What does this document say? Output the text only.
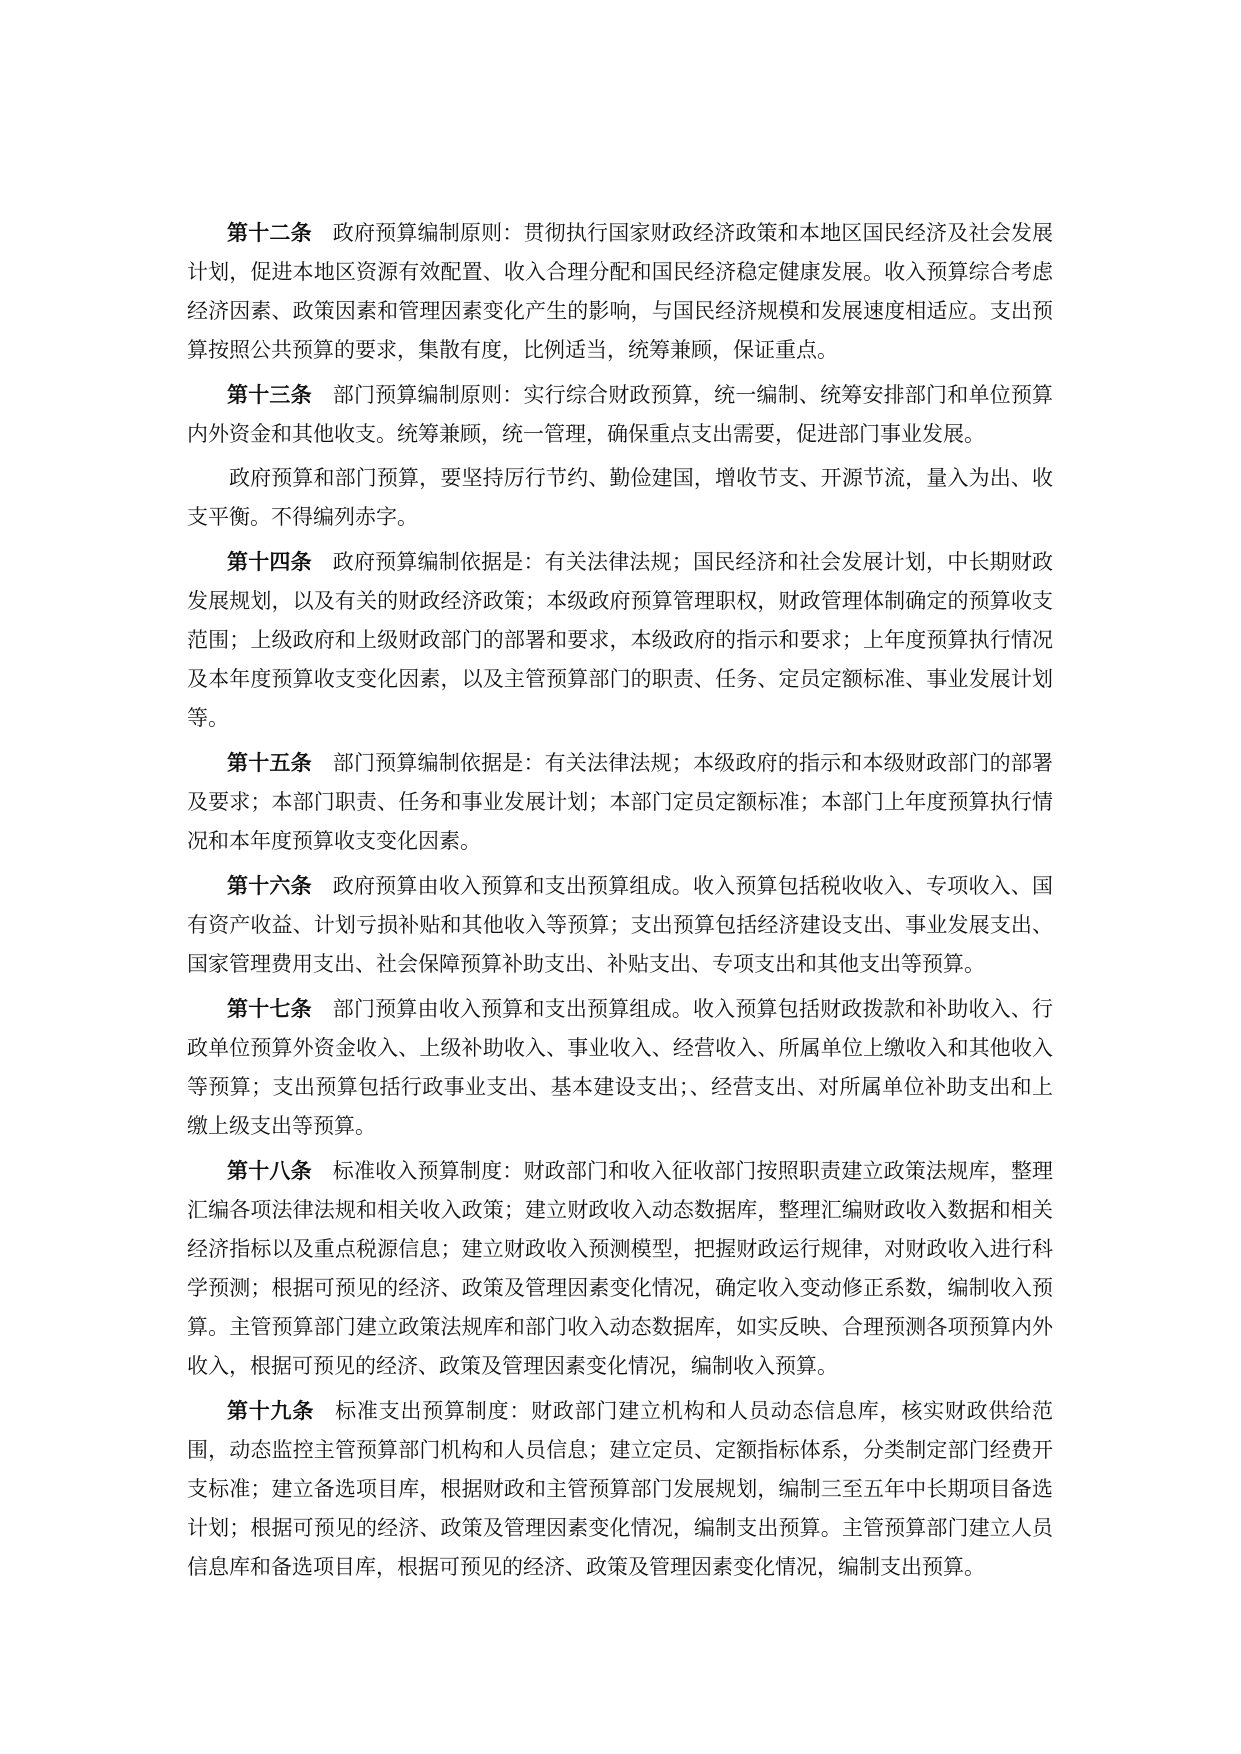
第十二条 政府预算编制原则：贯彻执行国家财政经济政策和本地区国民经济及社会发展计划，促进本地区资源有效配置、收入合理分配和国民经济稳定健康发展。收入预算综合考虑经济因素、政策因素和管理因素变化产生的影响，与国民经济规模和发展速度相适应。支出预算按照公共预算的要求，集散有度，比例适当，统筹兼顾，保证重点。

第十三条 部门预算编制原则：实行综合财政预算，统一编制、统筹安排部门和单位预算内外资金和其他收支。统筹兼顾，统一管理，确保重点支出需要，促进部门事业发展。

政府预算和部门预算，要坚持厉行节约、勤俭建国，增收节支、开源节流，量入为出、收支平衡。不得编列赤字。

第十四条 政府预算编制依据是：有关法律法规；国民经济和社会发展计划，中长期财政发展规划，以及有关的财政经济政策；本级政府预算管理职权，财政管理体制确定的预算收支范围；上级政府和上级财政部门的部署和要求，本级政府的指示和要求；上年度预算执行情况及本年度预算收支变化因素，以及主管预算部门的职责、任务、定员定额标准、事业发展计划等。

第十五条 部门预算编制依据是：有关法律法规；本级政府的指示和本级财政部门的部署及要求；本部门职责、任务和事业发展计划；本部门定员定额标准；本部门上年度预算执行情况和本年度预算收支变化因素。

第十六条 政府预算由收入预算和支出预算组成。收入预算包括税收收入、专项收入、国有资产收益、计划亏损补贴和其他收入等预算；支出预算包括经济建设支出、事业发展支出、国家管理费用支出、社会保障预算补助支出、补贴支出、专项支出和其他支出等预算。

第十七条 部门预算由收入预算和支出预算组成。收入预算包括财政拨款和补助收入、行政单位预算外资金收入、上级补助收入、事业收入、经营收入、所属单位上缴收入和其他收入等预算；支出预算包括行政事业支出、基本建设支出；、经营支出、对所属单位补助支出和上缴上级支出等预算。

第十八条 标准收入预算制度：财政部门和收入征收部门按照职责建立政策法规库，整理汇编各项法律法规和相关收入政策；建立财政收入动态数据库，整理汇编财政收入数据和相关经济指标以及重点税源信息；建立财政收入预测模型，把握财政运行规律，对财政收入进行科学预测；根据可预见的经济、政策及管理因素变化情况，确定收入变动修正系数，编制收入预算。主管预算部门建立政策法规库和部门收入动态数据库，如实反映、合理预测各项预算内外收入，根据可预见的经济、政策及管理因素变化情况，编制收入预算。

第十九条 标准支出预算制度：财政部门建立机构和人员动态信息库，核实财政供给范围，动态监控主管预算部门机构和人员信息；建立定员、定额指标体系，分类制定部门经费开支标准；建立备选项目库，根据财政和主管预算部门发展规划，编制三至五年中长期项目备选计划；根据可预见的经济、政策及管理因素变化情况，编制支出预算。主管预算部门建立人员信息库和备选项目库，根据可预见的经济、政策及管理因素变化情况，编制支出预算。
